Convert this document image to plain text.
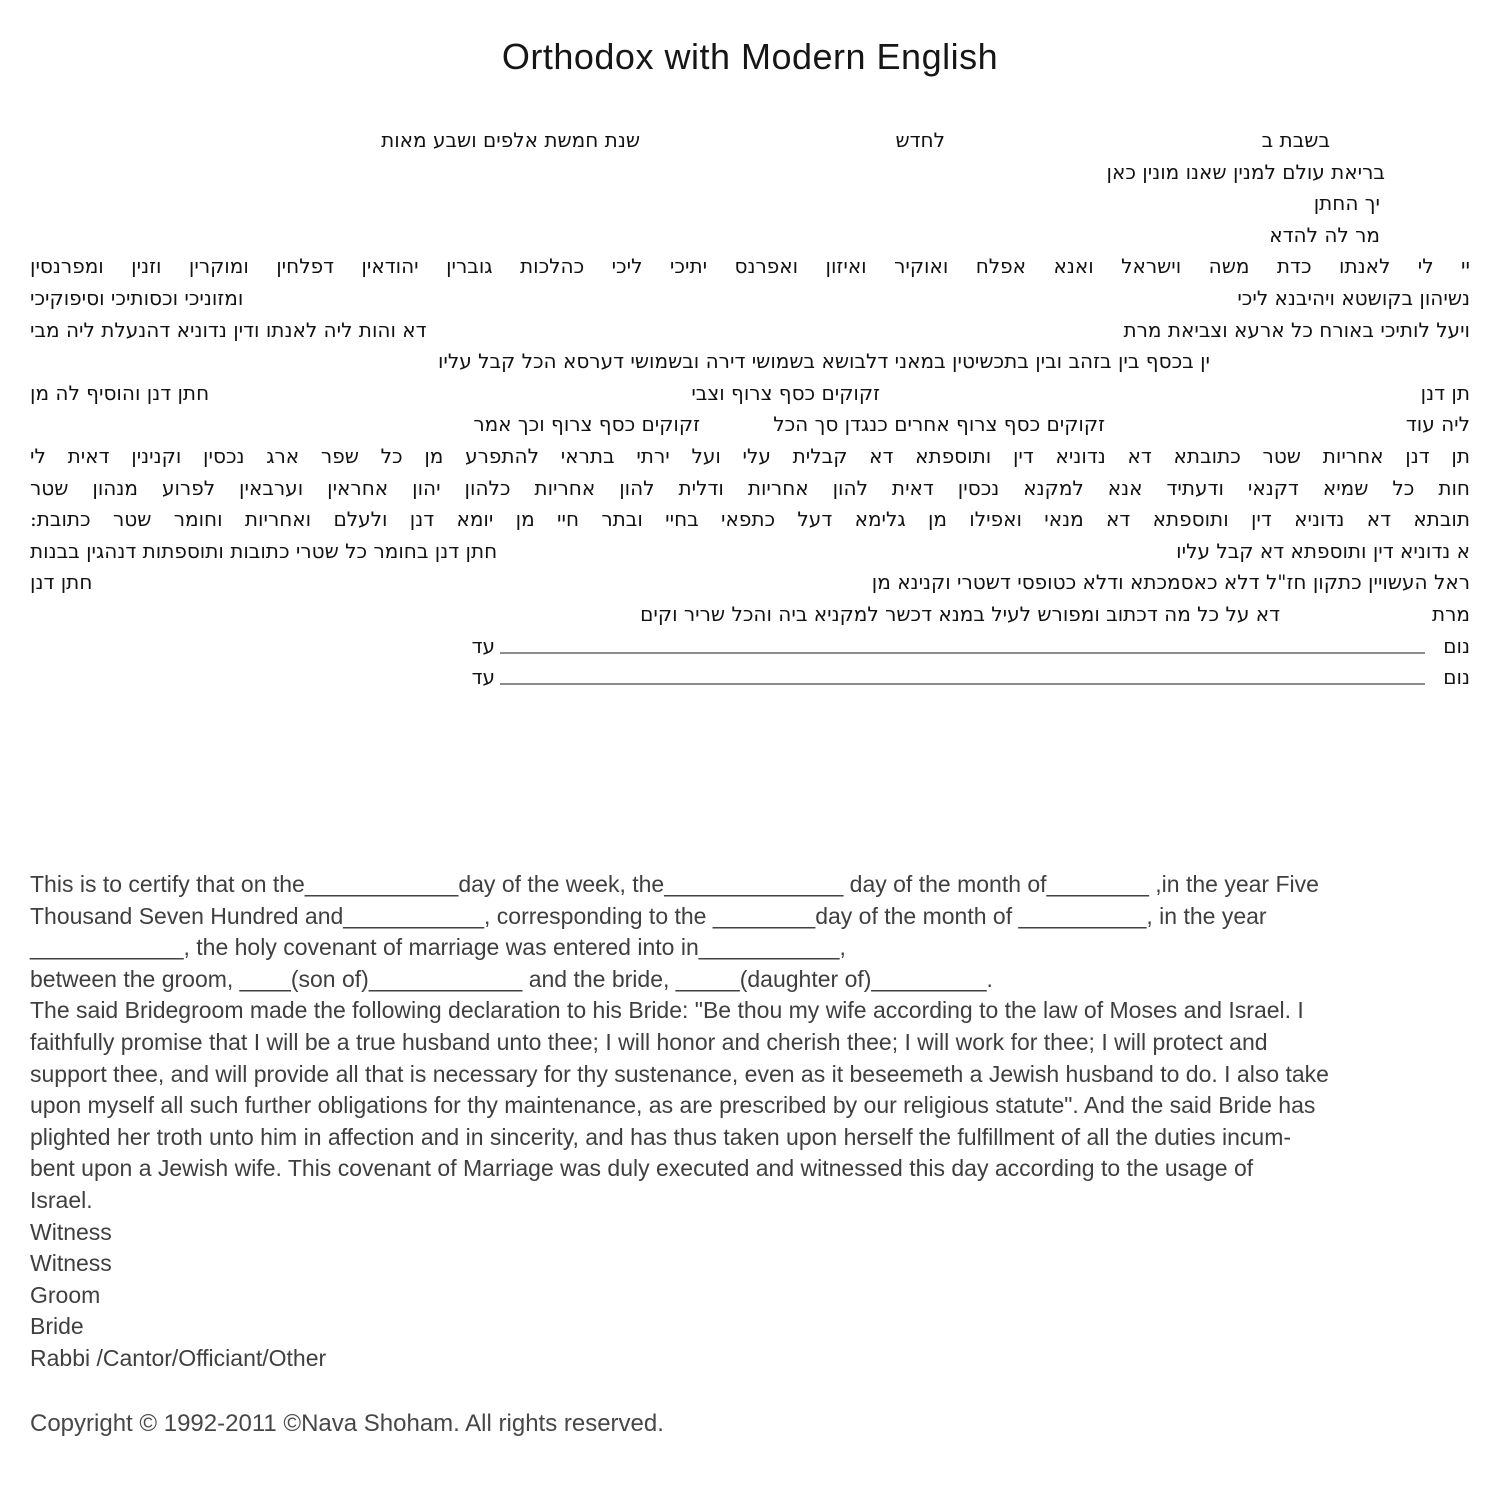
Orthodox with Modern English
בשבת ב
לחדש
שנת חמשת אלפים ושבע מאות
בריאת עולם למנין שאנו מונין כאן
יך החתן
מר לה להדא
יי לי לאנתו כדת משה וישראל ואנא אפלח ואוקיר ואיזון ואפרנס יתיכי ליכי כהלכות גוברין יהודאין דפלחין ומוקרין וזנין ומפרנסין
נשיהון בקושטא ויהיבנא ליכי
ומזוניכי וכסותיכי וסיפוקיכי
ויעל לותיכי באורח כל ארעא וצביאת מרת
דא והות ליה לאנתו ודין נדוניא דהנעלת ליה מבי
ין בכסף בין בזהב ובין בתכשיטין במאני דלבושא בשמושי דירה ובשמושי דערסא הכל קבל עליו
תן דנן
זקוקים כסף צרוף וצבי
חתן דנן והוסיף לה מן
ליה עוד
זקוקים כסף צרוף אחרים כנגדן סך הכל
זקוקים כסף צרוף וכך אמר
תן דנן אחריות שטר כתובתא דא נדוניא דין ותוספתא דא קבלית עלי ועל ירתי בתראי להתפרע מן כל שפר ארג נכסין וקנינין דאית לי
חות כל שמיא דקנאי ודעתיד אנא למקנא נכסין דאית להון אחריות ודלית להון אחריות כלהון יהון אחראין וערבאין לפרוע מנהון שטר
תובתא דא נדוניא דין ותוספתא דא מנאי ואפילו מן גלימא דעל כתפאי בחיי ובתר חיי מן יומא דנן ולעלם ואחריות וחומר שטר כתובת:
א נדוניא דין ותוספתא דא קבל עליו
חתן דנן בחומר כל שטרי כתובות ותוספתות דנהגין בבנות
ראל העשויין כתקון חז"ל דלא כאסמכתא ודלא כטופסי דשטרי וקנינא מן
חתן דנן
מרת
דא על כל מה דכתוב ומפורש לעיל במנא דכשר למקניא ביה והכל שריר וקים
נום
עד
נום
עד
This is to certify that on the____________day of the week, the______________ day of the month of________ ,in the year Five
Thousand Seven Hundred and___________, corresponding to the ________day of the month of __________, in the year
____________, the holy covenant of marriage was entered into in___________,
between the groom, ____(son of)____________ and the bride, _____(daughter of)_________.
The said Bridegroom made the following declaration to his Bride: "Be thou my wife according to the law of Moses and Israel. I
faithfully promise that I will be a true husband unto thee; I will honor and cherish thee; I will work for thee; I will protect and
support thee, and will provide all that is necessary for thy sustenance, even as it beseemeth a Jewish husband to do. I also take
upon myself all such further obligations for thy maintenance, as are prescribed by our religious statute". And the said Bride has
plighted her troth unto him in affection and in sincerity, and has thus taken upon herself the fulfillment of all the duties incum-
bent upon a Jewish wife. This covenant of Marriage was duly executed and witnessed this day according to the usage of
Israel.
Witness
Witness
Groom
Bride
Rabbi /Cantor/Officiant/Other
Copyright © 1992-2011 ©Nava Shoham. All rights reserved.
